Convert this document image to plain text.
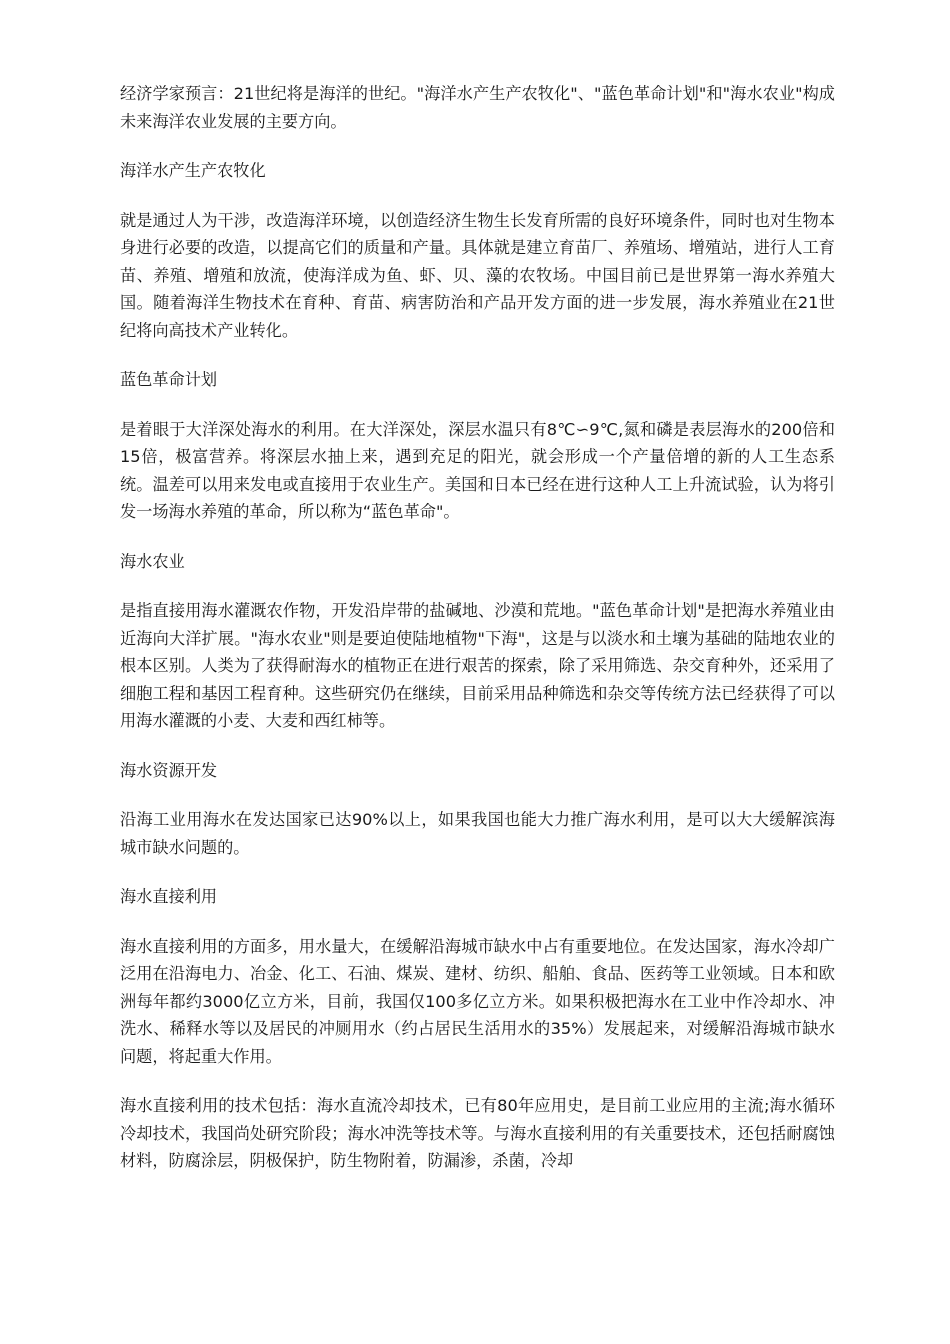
经济学家预言：21世纪将是海洋的世纪。"海洋水产生产农牧化"、"蓝色革命计划"和"海水农业"构成未来海洋农业发展的主要方向。

海洋水产生产农牧化

就是通过人为干涉，改造海洋环境，以创造经济生物生长发育所需的良好环境条件，同时也对生物本身进行必要的改造，以提高它们的质量和产量。具体就是建立育苗厂、养殖场、增殖站，进行人工育苗、养殖、增殖和放流，使海洋成为鱼、虾、贝、藻的农牧场。中国目前已是世界第一海水养殖大国。随着海洋生物技术在育种、育苗、病害防治和产品开发方面的进一步发展，海水养殖业在21世纪将向高技术产业转化。

蓝色革命计划

是着眼于大洋深处海水的利用。在大洋深处，深层水温只有8℃∽9℃,氮和磷是表层海水的200倍和15倍，极富营养。将深层水抽上来，遇到充足的阳光，就会形成一个产量倍增的新的人工生态系统。温差可以用来发电或直接用于农业生产。美国和日本已经在进行这种人工上升流试验，认为将引发一场海水养殖的革命，所以称为“蓝色革命"。

海水农业

是指直接用海水灌溉农作物，开发沿岸带的盐碱地、沙漠和荒地。"蓝色革命计划"是把海水养殖业由近海向大洋扩展。"海水农业"则是要迫使陆地植物"下海"，这是与以淡水和土壤为基础的陆地农业的根本区别。人类为了获得耐海水的植物正在进行艰苦的探索，除了采用筛选、杂交育种外，还采用了细胞工程和基因工程育种。这些研究仍在继续，目前采用品种筛选和杂交等传统方法已经获得了可以用海水灌溉的小麦、大麦和西红柿等。

海水资源开发

沿海工业用海水在发达国家已达90%以上，如果我国也能大力推广海水利用，是可以大大缓解滨海城市缺水问题的。

海水直接利用

海水直接利用的方面多，用水量大，在缓解沿海城市缺水中占有重要地位。在发达国家，海水冷却广泛用在沿海电力、冶金、化工、石油、煤炭、建材、纺织、船舶、食品、医药等工业领域。日本和欧洲每年都约3000亿立方米，目前，我国仅100多亿立方米。如果积极把海水在工业中作冷却水、冲洗水、稀释水等以及居民的冲厕用水（约占居民生活用水的35%）发展起来，对缓解沿海城市缺水问题，将起重大作用。

海水直接利用的技术包括：海水直流冷却技术，已有80年应用史，是目前工业应用的主流;海水循环冷却技术，我国尚处研究阶段；海水冲洗等技术等。与海水直接利用的有关重要技术，还包括耐腐蚀材料，防腐涂层，阴极保护，防生物附着，防漏渗，杀菌，冷却
